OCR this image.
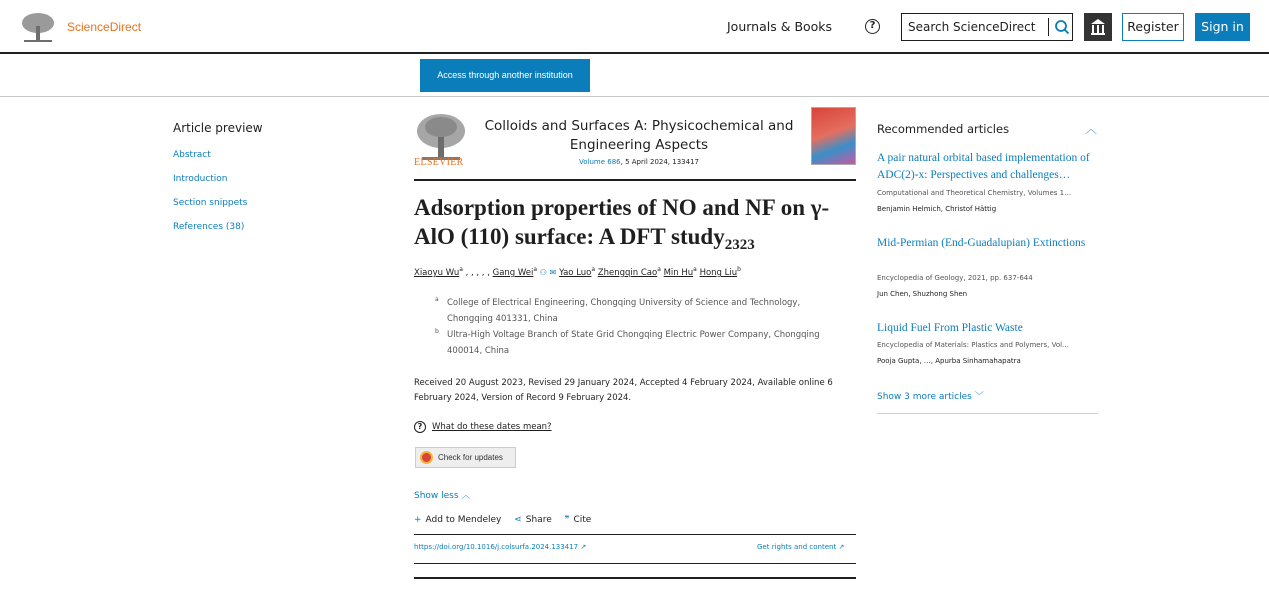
ScienceDirect	Journals & Books	?	Search ScienceDirect	Register	Sign in
Access through another institution
Article preview
Abstract
Introduction
Section snippets
References (38)
ELSEVIER
Colloids and Surfaces A: Physicochemical and Engineering Aspects
Volume 686, 5 April 2024, 133417
Adsorption properties of NO and NF on γ-AlO (110) surface: A DFT study$_{2323}$
Xiaoyu Wu$^a$ , , , , , Gang Wei$^a$ ⚇ ✉ Yao Luo$^a$ Zhengqin Cao$^a$ Min Hu$^a$ Hong Liu$^b$
a College of Electrical Engineering, Chongqing University of Science and Technology, Chongqing 401331, China
b Ultra-High Voltage Branch of State Grid Chongqing Electric Power Company, Chongqing 400014, China
Received 20 August 2023, Revised 29 January 2024, Accepted 4 February 2024, Available online 6 February 2024, Version of Record 9 February 2024.
? What do these dates mean?
Check for updates
Show less ︿
+ Add to Mendeley ⋖ Share ❞ Cite
https://doi.org/10.1016/j.colsurfa.2024.133417 ↗	Get rights and content ↗
Recommended articles	︿
A pair natural orbital based implementation of ADC(2)-x: Perspectives and challenges…
Computational and Theoretical Chemistry, Volumes 1…
Benjamin Helmich, Christof Hättig
Mid-Permian (End-Guadalupian) Extinctions
Encyclopedia of Geology, 2021, pp. 637-644
Jun Chen, Shuzhong Shen
Liquid Fuel From Plastic Waste
Encyclopedia of Materials: Plastics and Polymers, Vol…
Pooja Gupta, …, Apurba Sinhamahapatra
Show 3 more articles ﹀
